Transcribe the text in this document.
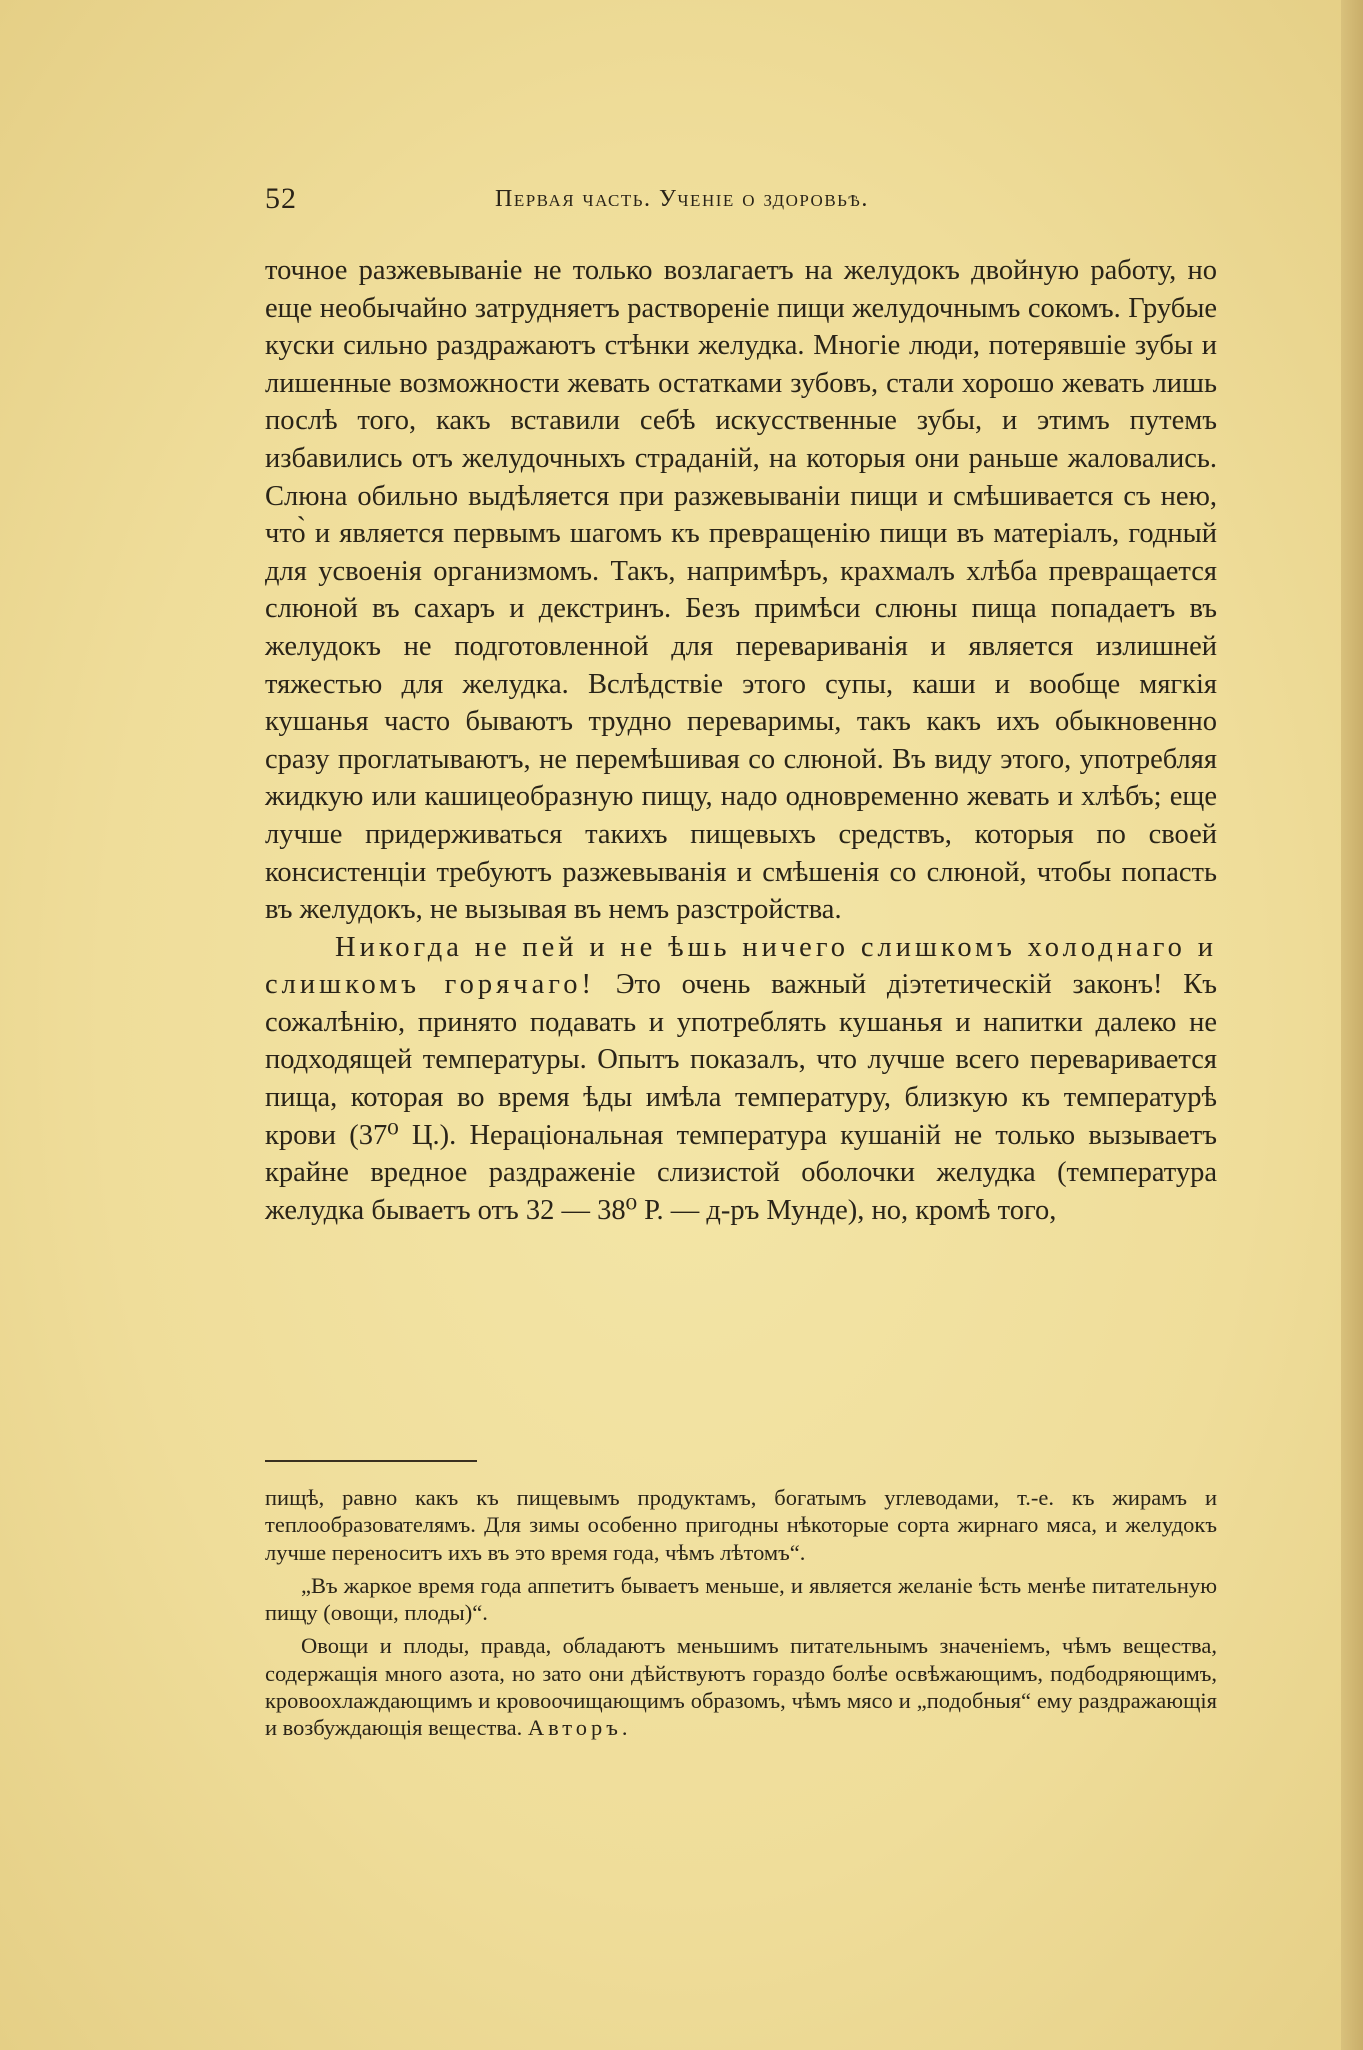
52	Первая часть. Ученіе о здоровьѣ.

точное разжевываніе не только возлагаетъ на желудокъ двойную работу, но еще необычайно затрудняетъ раствореніе пищи желудочнымъ сокомъ. Грубые куски сильно раздражаютъ стѣнки желудка. Многіе люди, потерявшіе зубы и лишенные возможности жевать остатками зубовъ, стали хорошо жевать лишь послѣ того, какъ вставили себѣ искусственные зубы, и этимъ путемъ избавились отъ желудочныхъ страданій, на которыя они раньше жаловались. Слюна обильно выдѣляется при разжевываніи пищи и смѣшивается съ нею, что̀ и является первымъ шагомъ къ превращенію пищи въ матеріалъ, годный для усвоенія организмомъ. Такъ, напримѣръ, крахмалъ хлѣба превращается слюной въ сахаръ и декстринъ. Безъ примѣси слюны пища попадаетъ въ желудокъ не подготовленной для перевариванія и является излишней тяжестью для желудка. Вслѣдствіе этого супы, каши и вообще мягкія кушанья часто бываютъ трудно переваримы, такъ какъ ихъ обыкновенно сразу проглатываютъ, не перемѣшивая со слюной. Въ виду этого, употребляя жидкую или кашицеобразную пищу, надо одновременно жевать и хлѣбъ; еще лучше придерживаться такихъ пищевыхъ средствъ, которыя по своей консистенціи требуютъ разжевыванія и смѣшенія со слюной, чтобы попасть въ желудокъ, не вызывая въ немъ разстройства.

Никогда не пей и не ѣшь ничего слишкомъ холоднаго и слишкомъ горячаго! Это очень важный діэтетическій законъ! Къ сожалѣнію, принято подавать и употреблять кушанья и напитки далеко не подходящей температуры. Опытъ показалъ, что лучше всего переваривается пища, которая во время ѣды имѣла температуру, близкую къ температурѣ крови (37⁰ Ц.). Нераціональная температура кушаній не только вызываетъ крайне вредное раздраженіе слизистой оболочки желудка (температура желудка бываетъ отъ 32 — 38⁰ Р. — д-ръ Мунде), но, кромѣ того,

пищѣ, равно какъ къ пищевымъ продуктамъ, богатымъ углеводами, т.-е. къ жирамъ и теплообразователямъ. Для зимы особенно пригодны нѣкоторые сорта жирнаго мяса, и желудокъ лучше переноситъ ихъ въ это время года, чѣмъ лѣтомъ“.

„Въ жаркое время года аппетитъ бываетъ меньше, и является желаніе ѣсть менѣе питательную пищу (овощи, плоды)“.

Овощи и плоды, правда, обладаютъ меньшимъ питательнымъ значеніемъ, чѣмъ вещества, содержащія много азота, но зато они дѣйствуютъ гораздо болѣе освѣжающимъ, подбодряющимъ, кровоохлаждающимъ и кровоочищающимъ образомъ, чѣмъ мясо и „подобныя“ ему раздражающія и возбуждающія вещества. Авторъ.
